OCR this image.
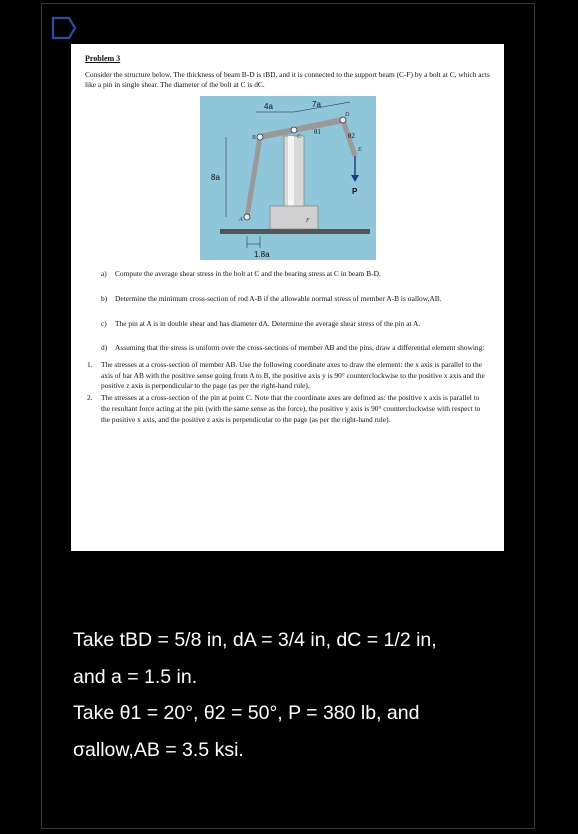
Problem 3

Consider the structure below. The thickness of beam B-D is tBD, and it is connected to the support beam (C-F) by a bolt at C, which acts like a pin in single shear. The diameter of the bolt at C is dC.

4a	7a
8a
1.8a
A
B	C
D
E
F
P
θ1	θ2
a)	Compute the average shear stress in the bolt at C and the bearing stress at C in beam B-D.
b)	Determine the minimum cross-section of rod A-B if the allowable normal stress of member A-B is σallow,AB.
c)	The pin at A is in double shear and has diameter dA. Determine the average shear stress of the pin at A.
d)	Assuming that the stress is uniform over the cross-sections of member AB and the pins, draw a differential element showing:
1.	The stresses at a cross-section of member AB. Use the following coordinate axes to draw the element: the x axis is parallel to the axis of bar AB with the positive sense going from A to B, the positive axis y is 90° counterclockwise to the positive x axis and the positive z axis is perpendicular to the page (as per the right-hand rule).
2.	The stresses at a cross-section of the pin at point C. Note that the coordinate axes are defined as: the positive x axis is parallel to the resultant force acting at the pin (with the same sense as the force), the positive y axis is 90° counterclockwise with respect to the positive x axis, and the positive z axis is perpendicular to the page (as per the right-hand rule).
Take tBD = 5/8 in, dA = 3/4 in, dC = 1/2 in,
and a = 1.5 in.
Take θ1 = 20°, θ2 = 50°, P = 380 lb, and
σallow,AB = 3.5 ksi.
